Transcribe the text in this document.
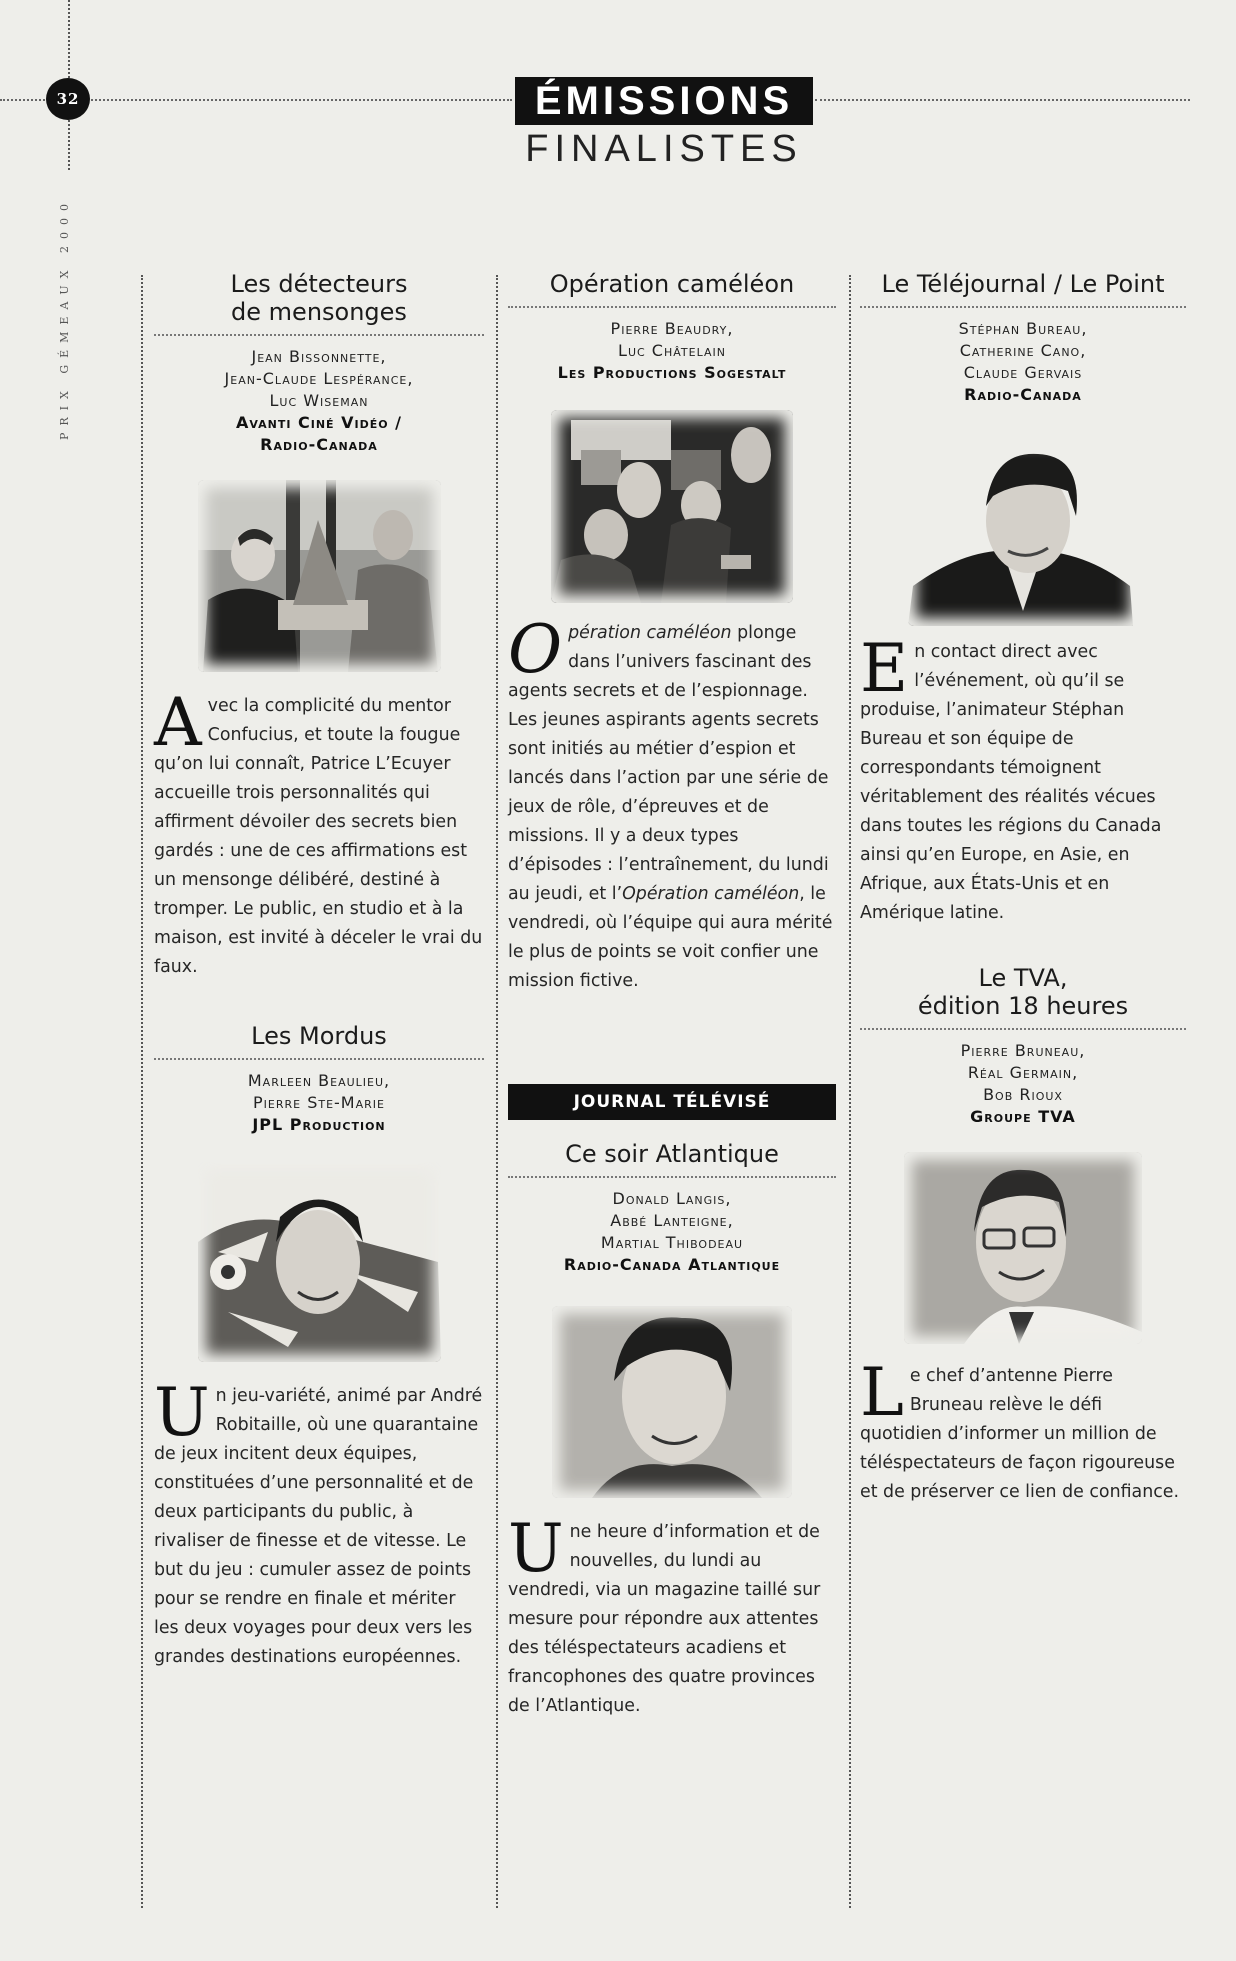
32
PRIX GÉMEAUX 2000
ÉMISSIONS
FINALISTES
Les détecteurs
de mensonges
Jean Bissonnette,
Jean-Claude Lespérance,
Luc Wiseman
Avanti Ciné Vidéo /
Radio-Canada
Avec la complicité du mentor Confucius, et toute la fougue qu’on lui connaît, Patrice L’Ecuyer accueille trois personnalités qui affirment dévoiler des secrets bien gardés : une de ces affirmations est un mensonge délibéré, destiné à tromper. Le public, en studio et à la maison, est invité à déceler le vrai du faux.
Les Mordus
Marleen Beaulieu,
Pierre Ste-Marie
JPL Production
Un jeu-variété, animé par André Robitaille, où une quarantaine de jeux incitent deux équipes, constituées d’une personnalité et de deux participants du public, à rivaliser de finesse et de vitesse. Le but du jeu : cumuler assez de points pour se rendre en finale et mériter les deux voyages pour deux vers les grandes destinations européennes.
Opération caméléon
Pierre Beaudry,
Luc Châtelain
Les Productions Sogestalt
Opération caméléon plonge dans l’univers fascinant des agents secrets et de l’espionnage. Les jeunes aspirants agents secrets sont initiés au métier d’espion et lancés dans l’action par une série de jeux de rôle, d’épreuves et de missions. Il y a deux types d’épisodes : l’entraînement, du lundi au jeudi, et l’Opération caméléon, le vendredi, où l’équipe qui aura mérité le plus de points se voit confier une mission fictive.
JOURNAL TÉLÉVISÉ
Ce soir Atlantique
Donald Langis,
Abbé Lanteigne,
Martial Thibodeau
Radio-Canada Atlantique
Une heure d’information et de nouvelles, du lundi au vendredi, via un magazine taillé sur mesure pour répondre aux attentes des téléspectateurs acadiens et francophones des quatre provinces de l’Atlantique.
Le Téléjournal / Le Point
Stéphan Bureau,
Catherine Cano,
Claude Gervais
Radio-Canada
En contact direct avec l’événement, où qu’il se produise, l’animateur Stéphan Bureau et son équipe de correspondants témoignent véritablement des réalités vécues dans toutes les régions du Canada ainsi qu’en Europe, en Asie, en Afrique, aux États-Unis et en Amérique latine.
Le TVA,
édition 18 heures
Pierre Bruneau,
Réal Germain,
Bob Rioux
Groupe TVA
Le chef d’antenne Pierre Bruneau relève le défi quotidien d’informer un million de téléspectateurs de façon rigoureuse et de préserver ce lien de confiance.
